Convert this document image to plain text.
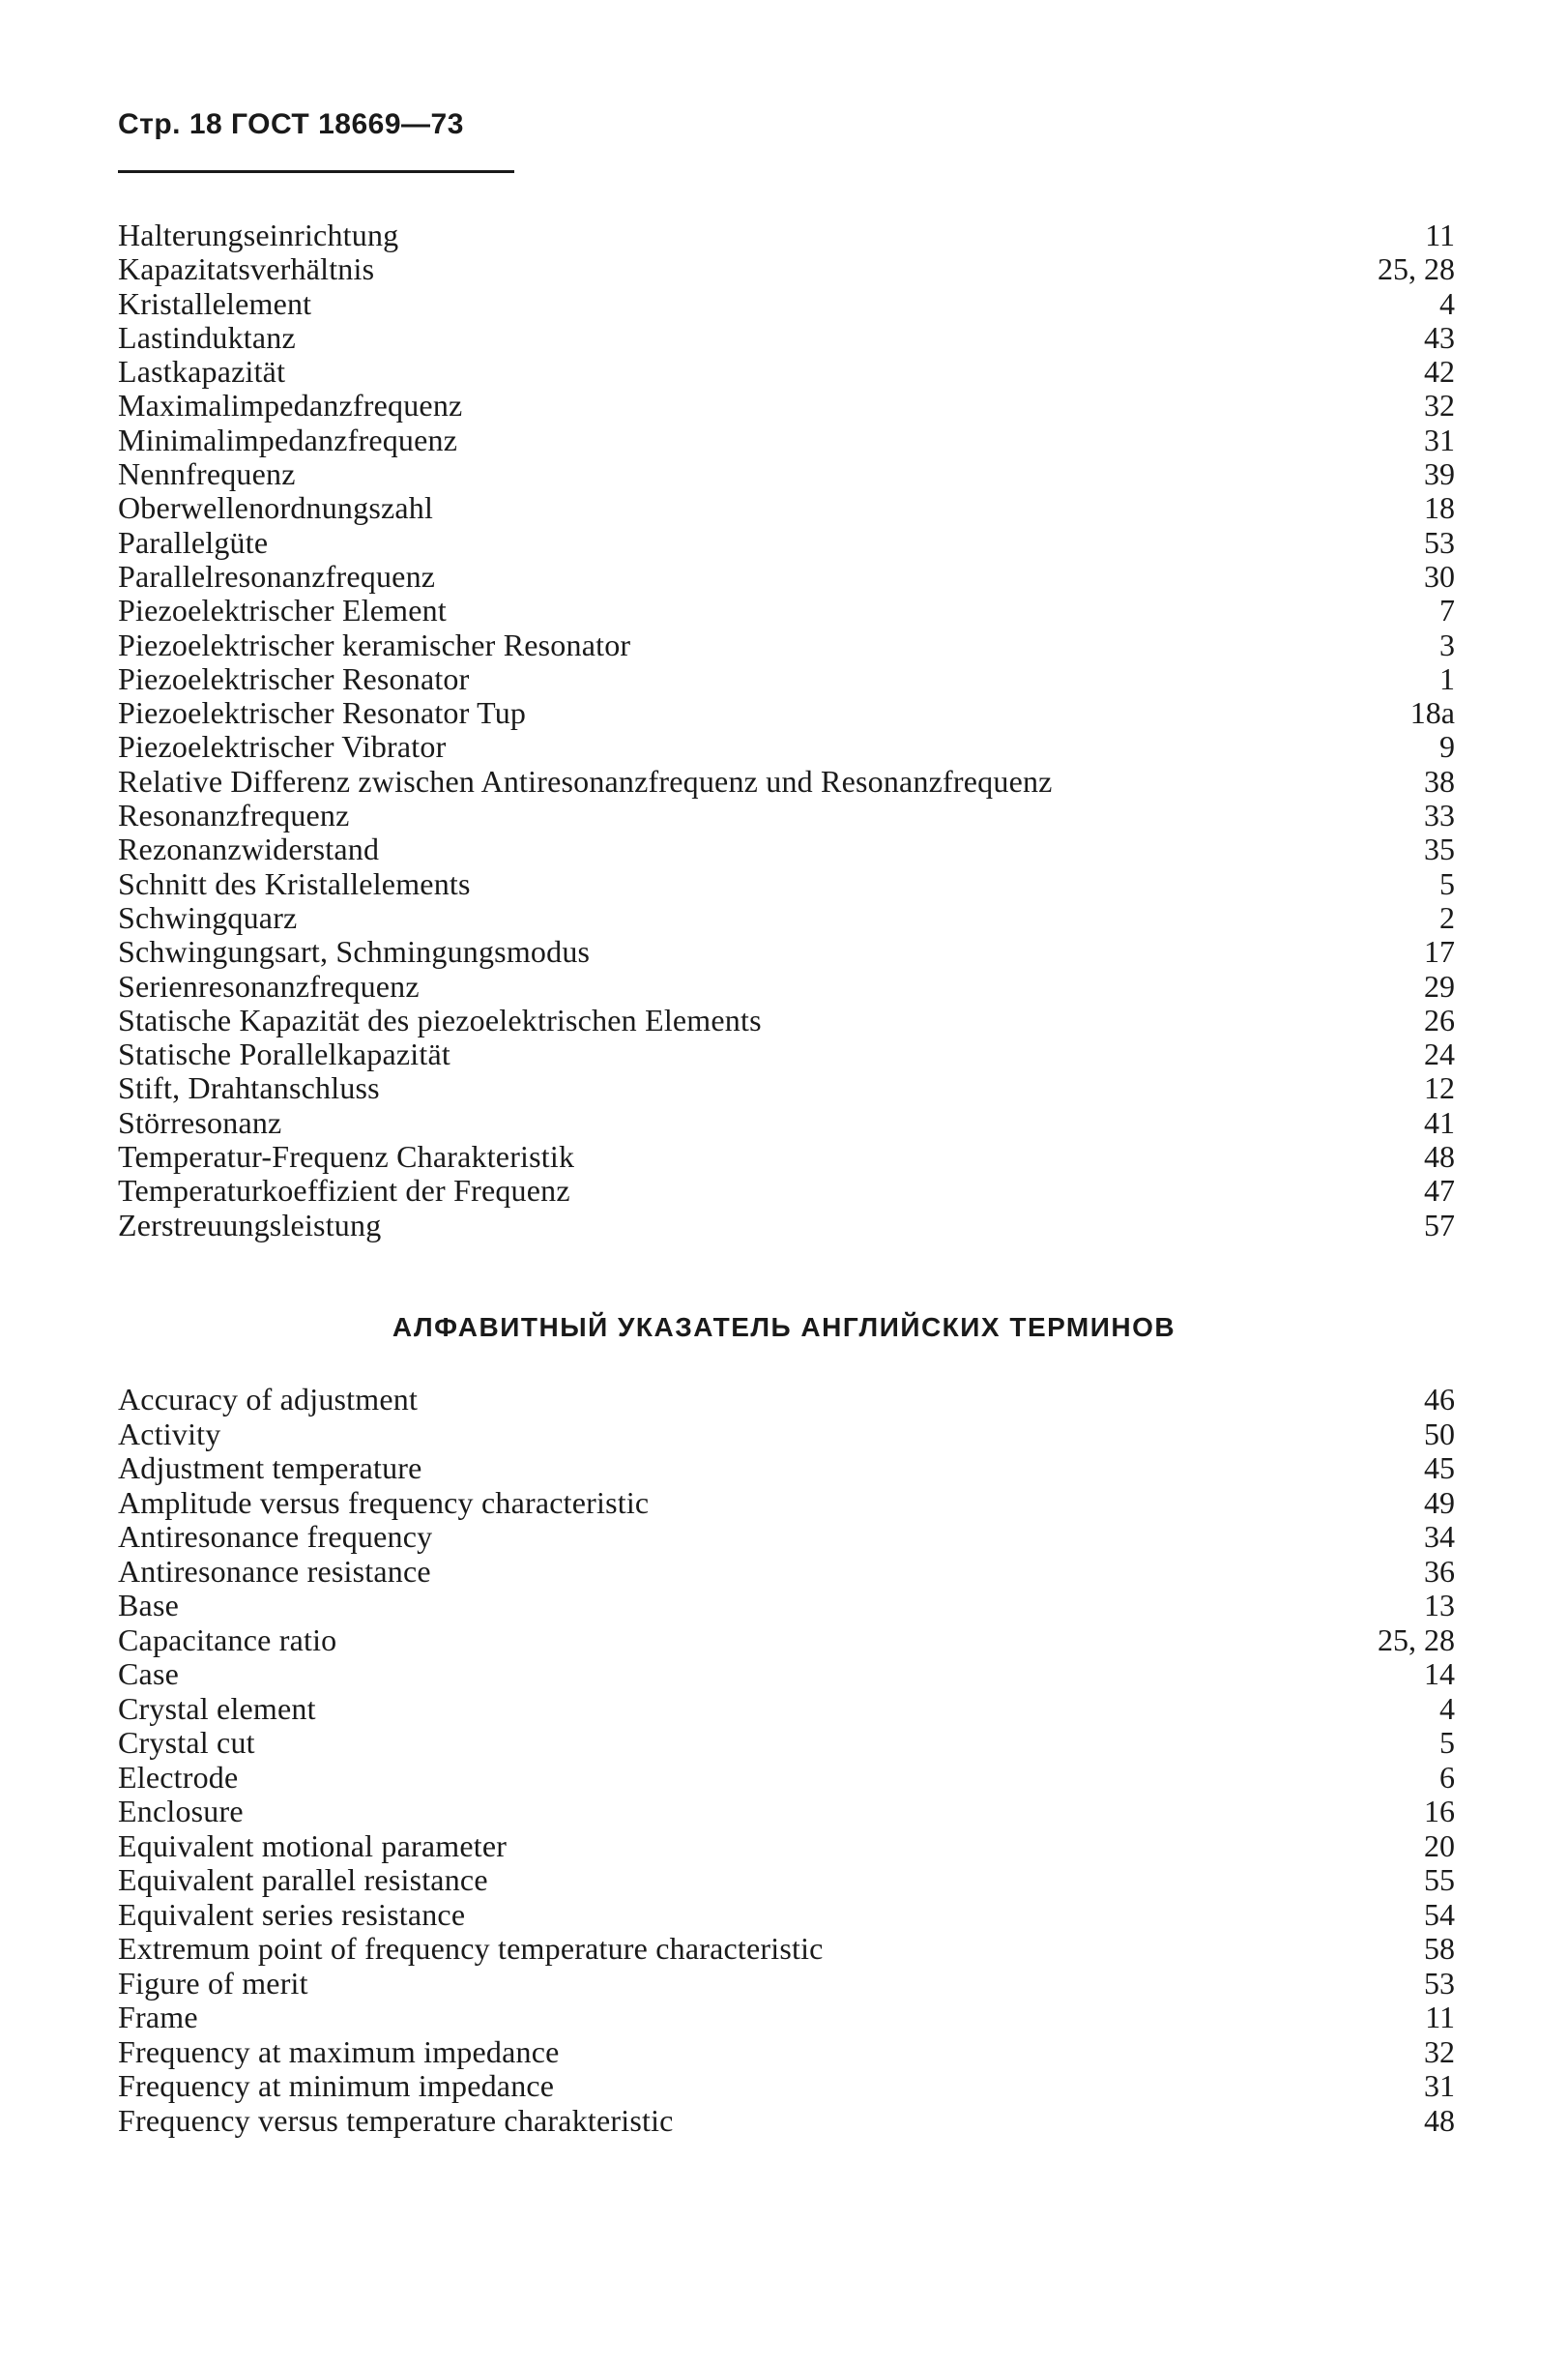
Стр. 18 ГОСТ 18669—73
Halterungseinrichtung	11
Kapazitatsverhältnis	25, 28
Kristallelement	4
Lastinduktanz	43
Lastkapazität	42
Maximalimpedanzfrequenz	32
Minimalimpedanzfrequenz	31
Nennfrequenz	39
Oberwellenordnungszahl	18
Parallelgüte	53
Parallelresonanzfrequenz	30
Piezoelektrischer Element	7
Piezoelektrischer keramischer Resonator	3
Piezoelektrischer Resonator	1
Piezoelektrischer Resonator Tup	18a
Piezoelektrischer Vibrator	9
Relative Differenz zwischen Antiresonanzfrequenz und Resonanzfrequenz	38
Resonanzfrequenz	33
Rezonanzwiderstand	35
Schnitt des Kristallelements	5
Schwingquarz	2
Schwingungsart, Schmingungsmodus	17
Serienresonanzfrequenz	29
Statische Kapazität des piezoelektrischen Elements	26
Statische Porallelkapazität	24
Stift, Drahtanschluss	12
Störresonanz	41
Temperatur-Frequenz Charakteristik	48
Temperaturkoeffizient der Frequenz	47
Zerstreuungsleistung	57
АЛФАВИТНЫЙ УКАЗАТЕЛЬ АНГЛИЙСКИХ ТЕРМИНОВ
Accuracy of adjustment	46
Activity	50
Adjustment temperature	45
Amplitude versus frequency characteristic	49
Antiresonance frequency	34
Antiresonance resistance	36
Base	13
Capacitance ratio	25, 28
Case	14
Crystal element	4
Crystal cut	5
Electrode	6
Enclosure	16
Equivalent motional parameter	20
Equivalent parallel resistance	55
Equivalent series resistance	54
Extremum point of frequency temperature characteristic	58
Figure of merit	53
Frame	11
Frequency at maximum impedance	32
Frequency at minimum impedance	31
Frequency versus temperature charakteristic	48
